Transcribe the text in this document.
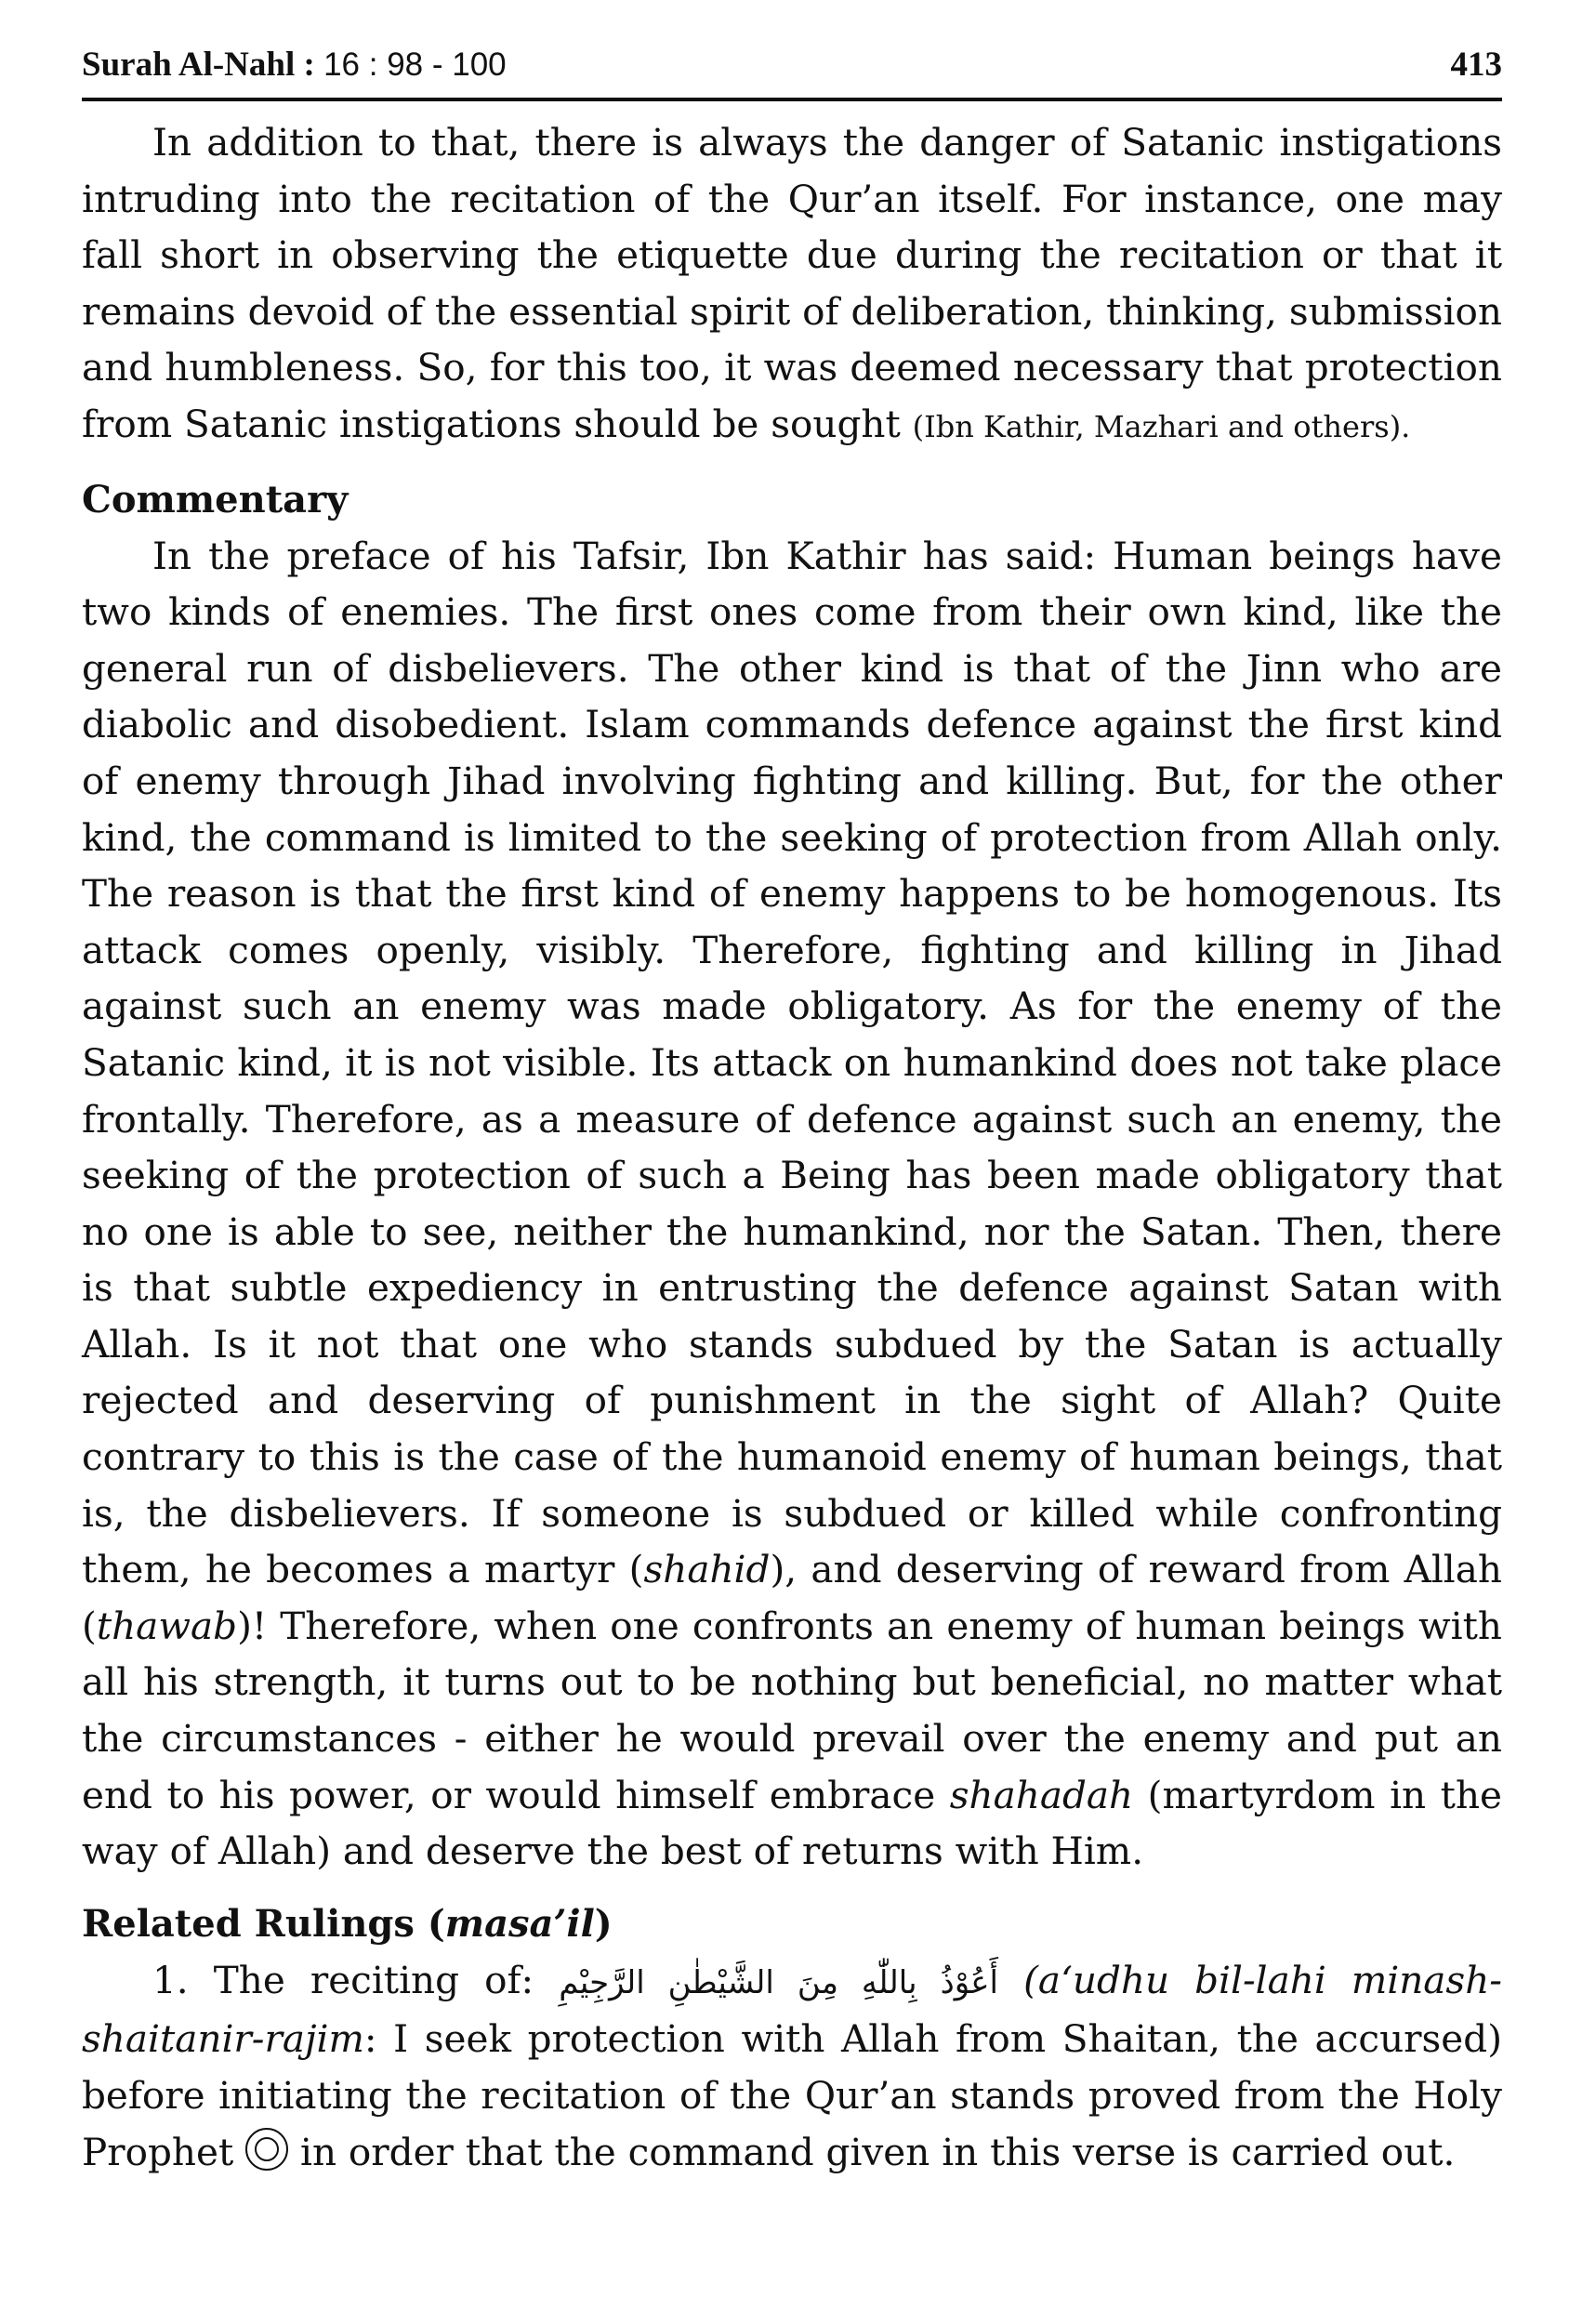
Surah Al-Nahl : 16 : 98 - 100	413

In addition to that, there is always the danger of Satanic instigations intruding into the recitation of the Qur’an itself. For instance, one may fall short in observing the etiquette due during the recitation or that it remains devoid of the essential spirit of deliberation, thinking, submission and humbleness. So, for this too, it was deemed necessary that protection from Satanic instigations should be sought (Ibn Kathir, Mazhari and others).

Commentary

In the preface of his Tafsir, Ibn Kathir has said: Human beings have two kinds of enemies. The first ones come from their own kind, like the general run of disbelievers. The other kind is that of the Jinn who are diabolic and disobedient. Islam commands defence against the first kind of enemy through Jihad involving fighting and killing. But, for the other kind, the command is limited to the seeking of protection from Allah only. The reason is that the first kind of enemy happens to be homogenous. Its attack comes openly, visibly. Therefore, fighting and killing in Jihad against such an enemy was made obligatory. As for the enemy of the Satanic kind, it is not visible. Its attack on humankind does not take place frontally. Therefore, as a measure of defence against such an enemy, the seeking of the protection of such a Being has been made obligatory that no one is able to see, neither the humankind, nor the Satan. Then, there is that subtle expediency in entrusting the defence against Satan with Allah. Is it not that one who stands subdued by the Satan is actually rejected and deserving of punishment in the sight of Allah? Quite contrary to this is the case of the humanoid enemy of human beings, that is, the disbelievers. If someone is subdued or killed while confronting them, he becomes a martyr (shahid), and deserving of reward from Allah (thawab)! Therefore, when one confronts an enemy of human beings with all his strength, it turns out to be nothing but beneficial, no matter what the circumstances - either he would prevail over the enemy and put an end to his power, or would himself embrace shahadah (martyrdom in the way of Allah) and deserve the best of returns with Him.

Related Rulings (masa’il)

1. The reciting of: أَعُوْذُ بِاللّٰهِ مِنَ الشَّيْطٰنِ الرَّجِيْمِ (a‘udhu bil-lahi minash-shaitanir-rajim: I seek protection with Allah from Shaitan, the accursed) before initiating the recitation of the Qur’an stands proved from the Holy Prophet  in order that the command given in this verse is carried out.
